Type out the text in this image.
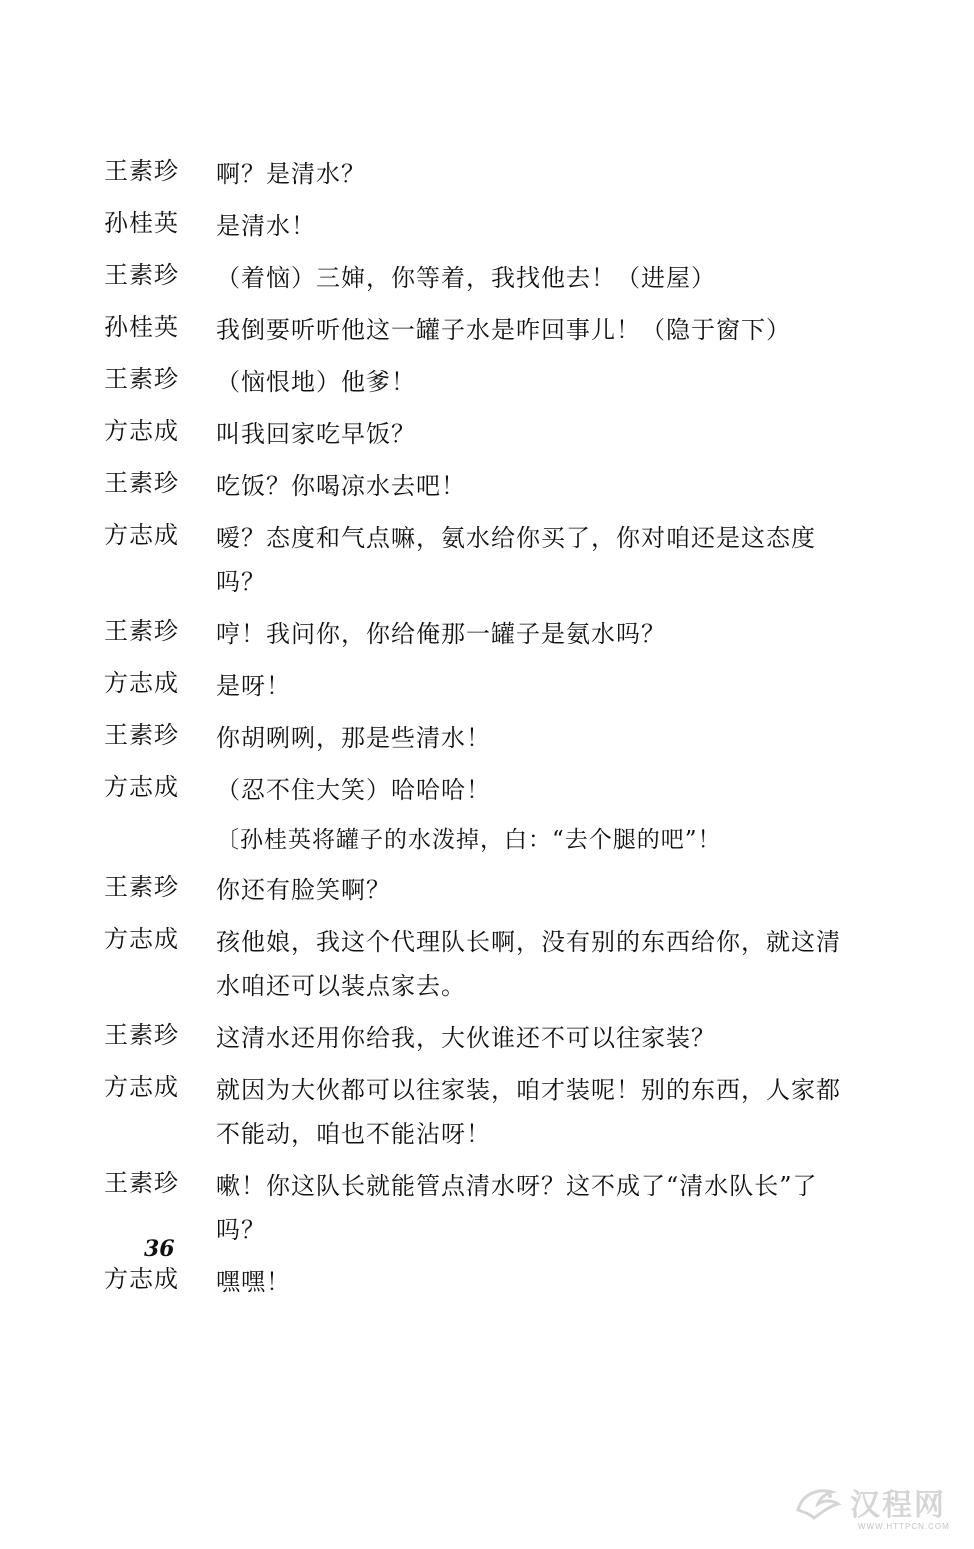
王素珍	啊？是清水？
孙桂英	是清水！
王素珍	（着恼）三婶，你等着，我找他去！（进屋）
孙桂英	我倒要听听他这一罐子水是咋回事儿！（隐于窗下）
王素珍	（恼恨地）他爹！
方志成	叫我回家吃早饭？
王素珍	吃饭？你喝凉水去吧！
方志成	嗳？态度和气点嘛，氨水给你买了，你对咱还是这态度吗？
王素珍	哼！我问你，你给俺那一罐子是氨水吗？
方志成	是呀！
王素珍	你胡咧咧，那是些清水！
方志成	（忍不住大笑）哈哈哈！
〔孙桂英将罐子的水泼掉，白：“去个腿的吧”！
王素珍	你还有脸笑啊？
方志成	孩他娘，我这个代理队长啊，没有别的东西给你，就这清水咱还可以装点家去。
王素珍	这清水还用你给我，大伙谁还不可以往家装？
方志成	就因为大伙都可以往家装，咱才装呢！别的东西，人家都不能动，咱也不能沾呀！
王素珍	嗽！你这队长就能管点清水呀？这不成了“清水队长”了吗？
方志成	嘿嘿！
36
汉程网
WWW.HTTPCN.COM
